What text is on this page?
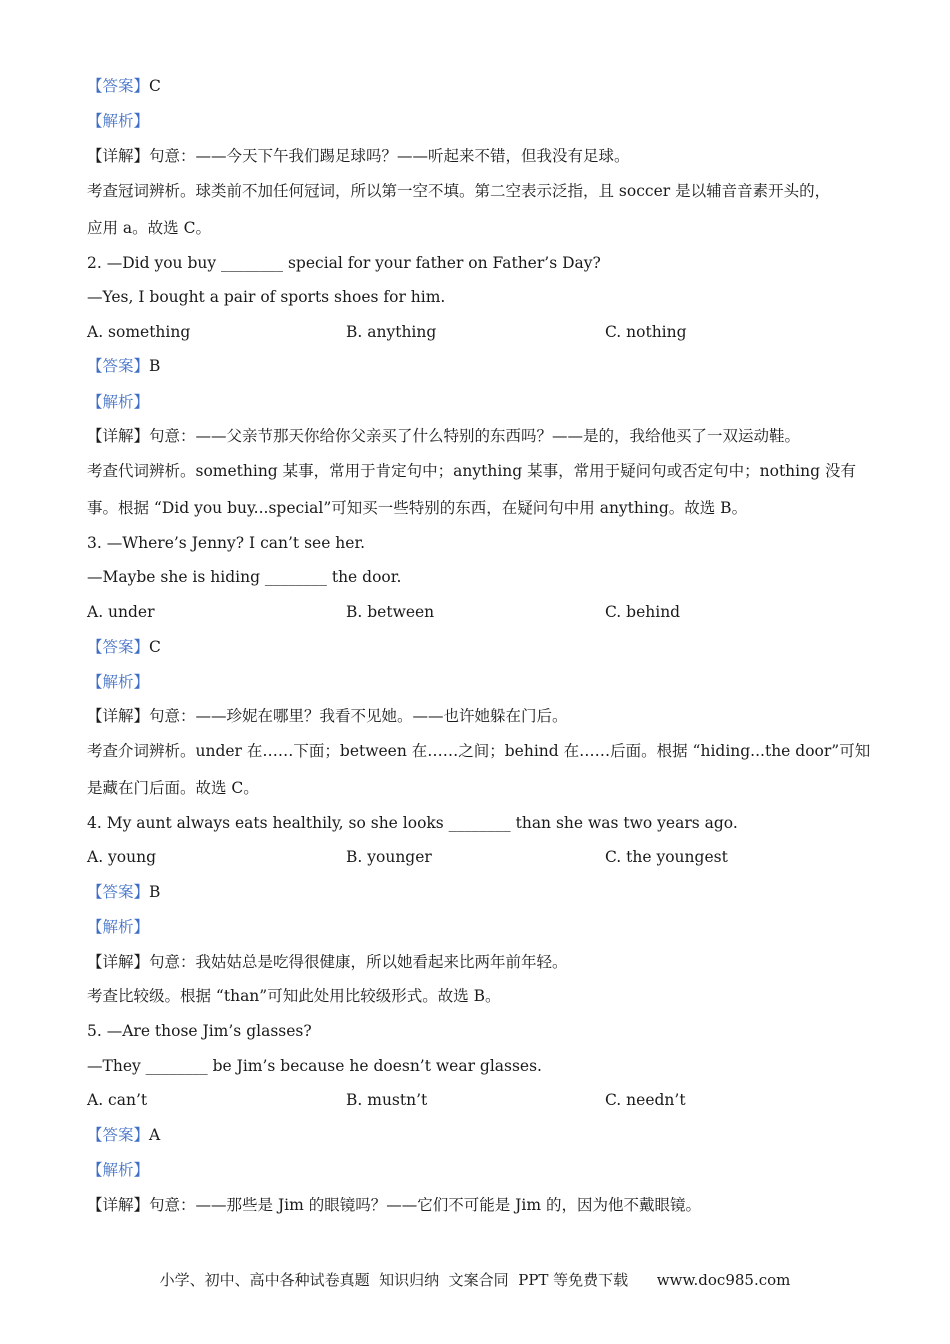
【答案】C
【解析】
【详解】句意：——今天下午我们踢足球吗？——听起来不错，但我没有足球。
考查冠词辨析。球类前不加任何冠词，所以第一空不填。第二空表示泛指，且 soccer 是以辅音音素开头的，
应用 a。故选 C。
2. —Did you buy ________ special for your father on Father’s Day?
—Yes, I bought a pair of sports shoes for him.
A. something	B. anything	C. nothing
【答案】B
【解析】
【详解】句意：——父亲节那天你给你父亲买了什么特别的东西吗？——是的，我给他买了一双运动鞋。
考查代词辨析。something 某事，常用于肯定句中；anything 某事，常用于疑问句或否定句中；nothing 没有
事。根据 “Did you buy...special”可知买一些特别的东西，在疑问句中用 anything。故选 B。
3. —Where’s Jenny? I can’t see her.
—Maybe she is hiding ________ the door.
A. under	B. between	C. behind
【答案】C
【解析】
【详解】句意：——珍妮在哪里？我看不见她。——也许她躲在门后。
考查介词辨析。under 在……下面；between 在……之间；behind 在……后面。根据 “hiding...the door”可知
是藏在门后面。故选 C。
4. My aunt always eats healthily, so she looks ________ than she was two years ago.
A. young	B. younger	C. the youngest
【答案】B
【解析】
【详解】句意：我姑姑总是吃得很健康，所以她看起来比两年前年轻。
考查比较级。根据 “than”可知此处用比较级形式。故选 B。
5. —Are those Jim’s glasses?
—They ________ be Jim’s because he doesn’t wear glasses.
A. can’t	B. mustn’t	C. needn’t
【答案】A
【解析】
【详解】句意：——那些是 Jim 的眼镜吗？——它们不可能是 Jim 的，因为他不戴眼镜。
小学、初中、高中各种试卷真题  知识归纳  文案合同  PPT 等免费下载      www.doc985.com
